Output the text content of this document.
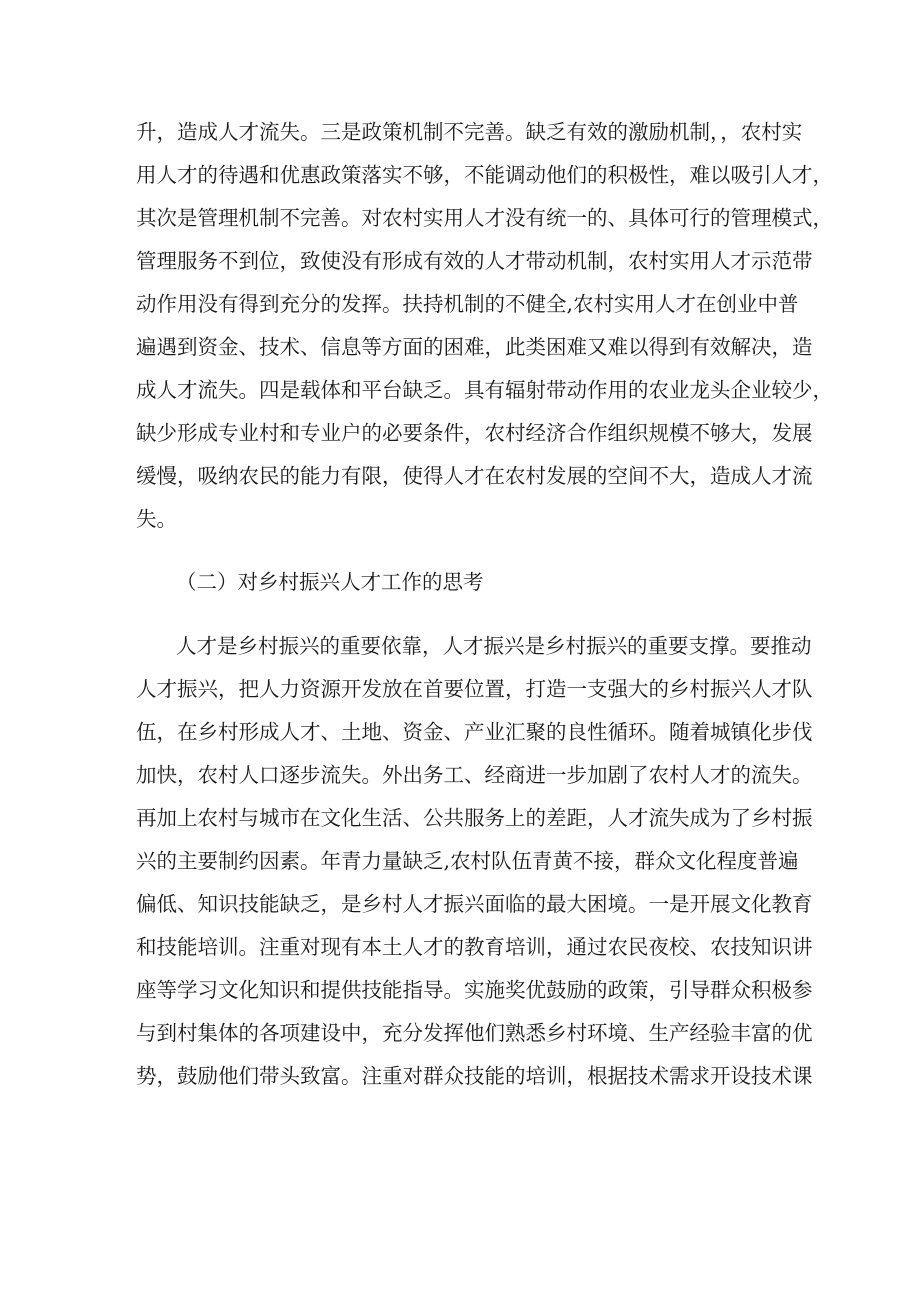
升，造成人才流失。三是政策机制不完善。缺乏有效的激励机制，，农村实
用人才的待遇和优惠政策落实不够，不能调动他们的积极性，难以吸引人才，
其次是管理机制不完善。对农村实用人才没有统一的、具体可行的管理模式，
管理服务不到位，致使没有形成有效的人才带动机制，农村实用人才示范带
动作用没有得到充分的发挥。扶持机制的不健全,农村实用人才在创业中普
遍遇到资金、技术、信息等方面的困难，此类困难又难以得到有效解决，造
成人才流失。四是载体和平台缺乏。具有辐射带动作用的农业龙头企业较少，
缺少形成专业村和专业户的必要条件，农村经济合作组织规模不够大，发展
缓慢，吸纳农民的能力有限，使得人才在农村发展的空间不大，造成人才流
失。
（二）对乡村振兴人才工作的思考
人才是乡村振兴的重要依靠，人才振兴是乡村振兴的重要支撑。要推动
人才振兴，把人力资源开发放在首要位置，打造一支强大的乡村振兴人才队
伍，在乡村形成人才、土地、资金、产业汇聚的良性循环。随着城镇化步伐
加快，农村人口逐步流失。外出务工、经商进一步加剧了农村人才的流失。
再加上农村与城市在文化生活、公共服务上的差距，人才流失成为了乡村振
兴的主要制约因素。年青力量缺乏,农村队伍青黄不接，群众文化程度普遍
偏低、知识技能缺乏，是乡村人才振兴面临的最大困境。一是开展文化教育
和技能培训。注重对现有本土人才的教育培训，通过农民夜校、农技知识讲
座等学习文化知识和提供技能指导。实施奖优鼓励的政策，引导群众积极参
与到村集体的各项建设中，充分发挥他们熟悉乡村环境、生产经验丰富的优
势，鼓励他们带头致富。注重对群众技能的培训，根据技术需求开设技术课
